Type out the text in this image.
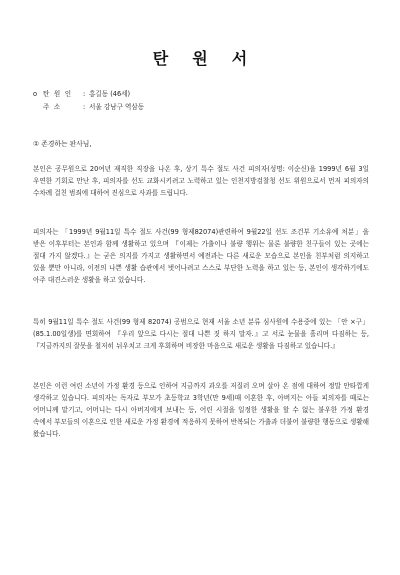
탄 원 서
o 탄 원 인 : 홍길동 (46세)
주 소	: 서울 강남구 역삼동
① 존경하는 판사님,
본인은 공무원으로 20여년 재직한 직장을 나온 후, 상기 특수 절도 사건 피의자(성명: 이순신)을 1999년 6월 3일 우연한 기회로 만난 후, 피의자를 선도 교화시키려고 노력하고 있는 인천지방검찰청 선도 위원으로서 먼저 피의자의 수차례 걸친 범죄에 대하여 진심으로 사과를 드립니다.
피의자는 「1999년 9월11일 특수 절도 사건(99 형제82074)관련하여 9월22일 선도 조건부 기소유예 처분」을 받은 이후부터는 본인과 함께 생활하고 있으며 『이제는 가출이나 불량 행위는 물론 불량한 친구들이 있는 곳에는 절대 가지 않겠다.』는 굳은 의지를 가지고 생활하면서 예전과는 다른 새로운 모습으로 본인을 친부처럼 의지하고 있을 뿐만 아니라, 이전의 나쁜 생활 습관에서 벗어나려고 스스로 부단한 노력을 하고 있는 등, 본인이 생각하기에도 아주 대견스러운 생활을 하고 있습니다.
특히 9월11일 특수 절도 사건(99 형제 82074) 공범으로 현재 서울 소년 분류 심사원에 수용중에 있는 「안 ×구」(85.1.00일생)를 면회하여 『우리 앞으로 다시는 절대 나쁜 짓 하지 말자.』고 서로 눈물을 흘리며 다짐하는 등, 『지금까지의 잘못을 철저히 뉘우치고 크게 후회하며 비장한 마음으로 새로운 생활을 다짐하고 있습니다.』
본인은 이런 여린 소년이 가정 환경 등으로 인하여 지금까지 과오를 저질러 오며 살아 온 점에 대하여 정말 안타깝게 생각하고 있습니다. 피의자는 독자로 부모가 초등학교 3학년(만 9세)때 이혼한 후, 아버지는 아들 피의자를 때로는 어머니께 맡기고, 어머니는 다시 아버지에게 보내는 등, 어린 시절을 일정한 생활을 할 수 없는 불우한 가정 환경 속에서 부모들의 이혼으로 인한 새로운 가정 환경에 적응하지 못하여 반복되는 가출과 더불어 불량한 행동으로 생활해 왔습니다.
